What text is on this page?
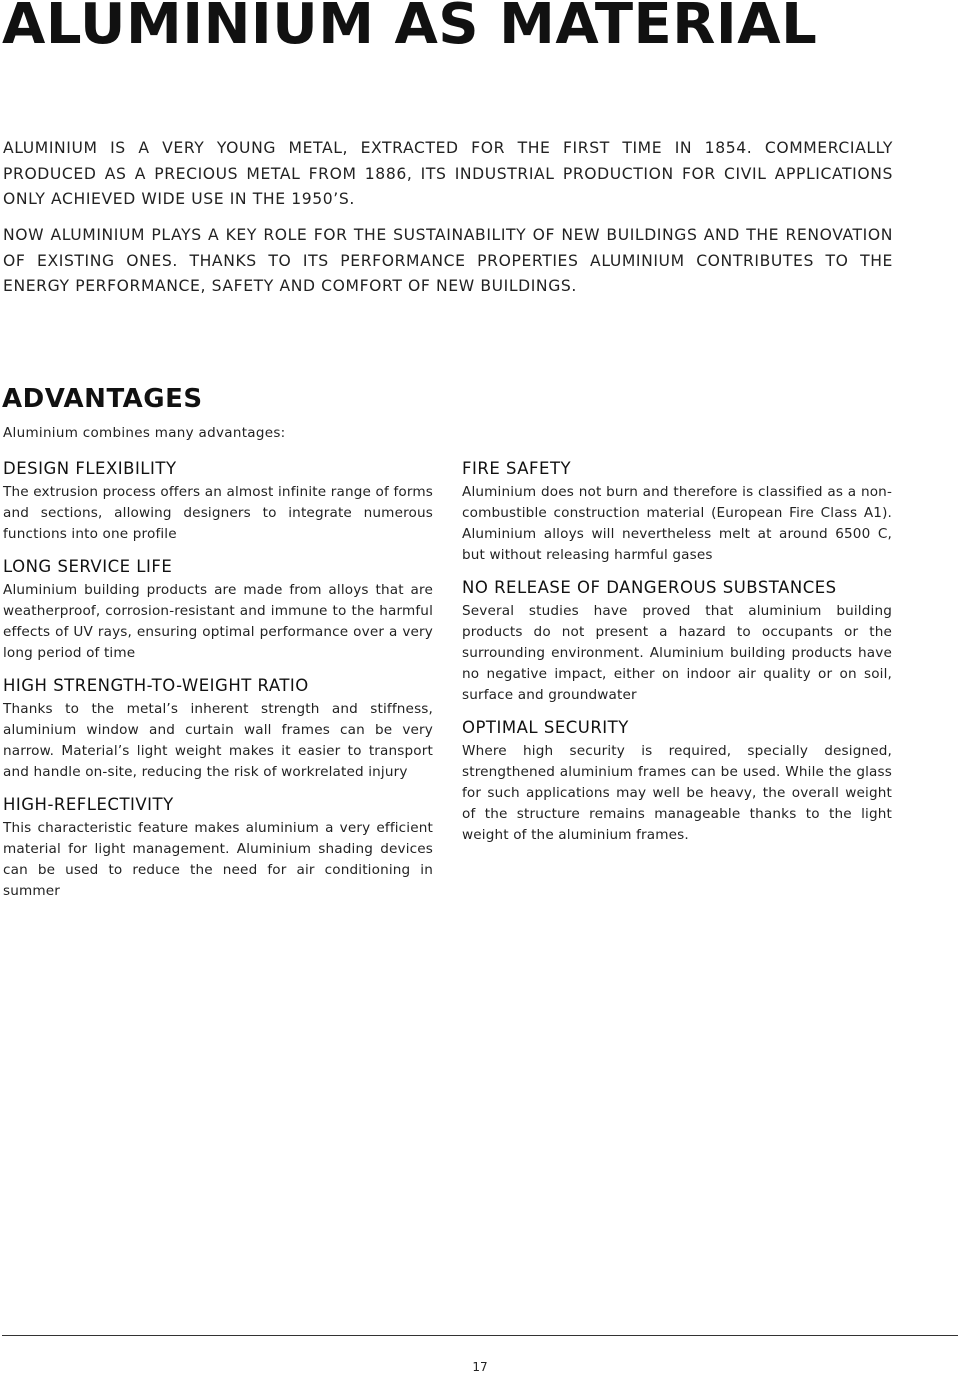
ALUMINIUM AS MATERIAL

ALUMINIUM IS A VERY YOUNG METAL, EXTRACTED FOR THE FIRST TIME IN 1854. COMMERCIALLY PRODUCED AS A PRECIOUS METAL FROM 1886, ITS INDUSTRIAL PRODUCTION FOR CIVIL APPLICATIONS ONLY ACHIEVED WIDE USE IN THE 1950’S.

NOW ALUMINIUM PLAYS A KEY ROLE FOR THE SUSTAINABILITY OF NEW BUILDINGS AND THE RENOVATION OF EXISTING ONES. THANKS TO ITS PERFORMANCE PROPERTIES ALUMINIUM CONTRIBUTES TO THE ENERGY PERFORMANCE, SAFETY AND COMFORT OF NEW BUILDINGS.

ADVANTAGES

Aluminium combines many advantages:

DESIGN FLEXIBILITY

The extrusion process offers an almost infinite range of forms and sections, allowing designers to integrate numerous functions into one profile

LONG SERVICE LIFE

Aluminium building products are made from alloys that are weatherproof, corrosion-resistant and immune to the harmful effects of UV rays, ensuring optimal performance over a very long period of time

HIGH STRENGTH-TO-WEIGHT RATIO

Thanks to the metal’s inherent strength and stiffness, aluminium window and curtain wall frames can be very narrow. Material’s light weight makes it easier to transport and handle on-site, reducing the risk of workrelated injury

HIGH-REFLECTIVITY

This characteristic feature makes aluminium a very efficient material for light management. Aluminium shading devices can be used to reduce the need for air conditioning in summer

FIRE SAFETY

Aluminium does not burn and therefore is classified as a non-combustible construction material (European Fire Class A1). Aluminium alloys will nevertheless melt at around 6500 C, but without releasing harmful gases

NO RELEASE OF DANGEROUS SUBSTANCES

Several studies have proved that aluminium building products do not present a hazard to occupants or the surrounding environment. Aluminium building products have no negative impact, either on indoor air quality or on soil, surface and groundwater

OPTIMAL SECURITY

Where high security is required, specially designed, strengthened aluminium frames can be used. While the glass for such applications may well be heavy, the overall weight of the structure remains manageable thanks to the light weight of the aluminium frames.

17
